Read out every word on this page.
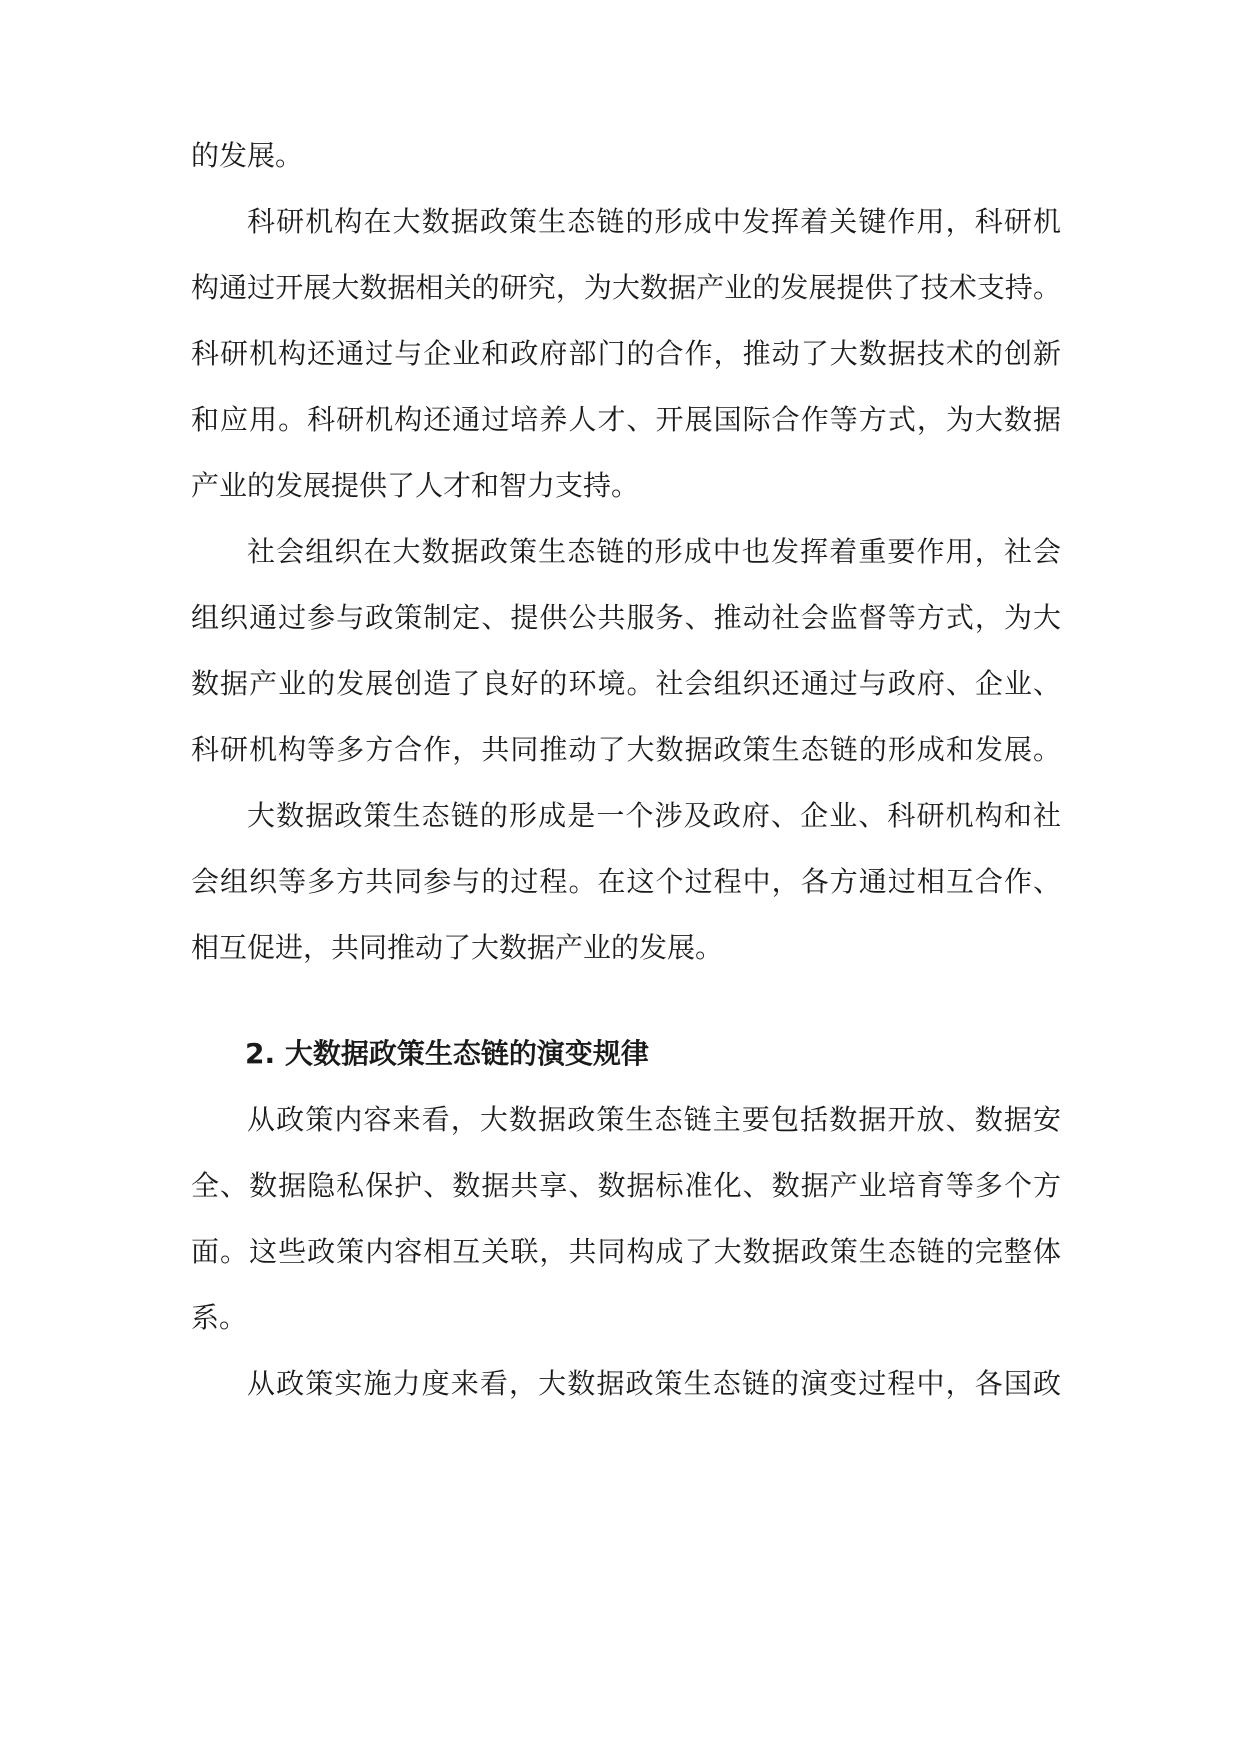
的发展。
科研机构在大数据政策生态链的形成中发挥着关键作用，科研机
构通过开展大数据相关的研究，为大数据产业的发展提供了技术支持。
科研机构还通过与企业和政府部门的合作，推动了大数据技术的创新
和应用。科研机构还通过培养人才、开展国际合作等方式，为大数据
产业的发展提供了人才和智力支持。
社会组织在大数据政策生态链的形成中也发挥着重要作用，社会
组织通过参与政策制定、提供公共服务、推动社会监督等方式，为大
数据产业的发展创造了良好的环境。社会组织还通过与政府、企业、
科研机构等多方合作，共同推动了大数据政策生态链的形成和发展。
大数据政策生态链的形成是一个涉及政府、企业、科研机构和社
会组织等多方共同参与的过程。在这个过程中，各方通过相互合作、
相互促进，共同推动了大数据产业的发展。
2. 大数据政策生态链的演变规律
从政策内容来看，大数据政策生态链主要包括数据开放、数据安
全、数据隐私保护、数据共享、数据标准化、数据产业培育等多个方
面。这些政策内容相互关联，共同构成了大数据政策生态链的完整体
系。
从政策实施力度来看，大数据政策生态链的演变过程中，各国政
